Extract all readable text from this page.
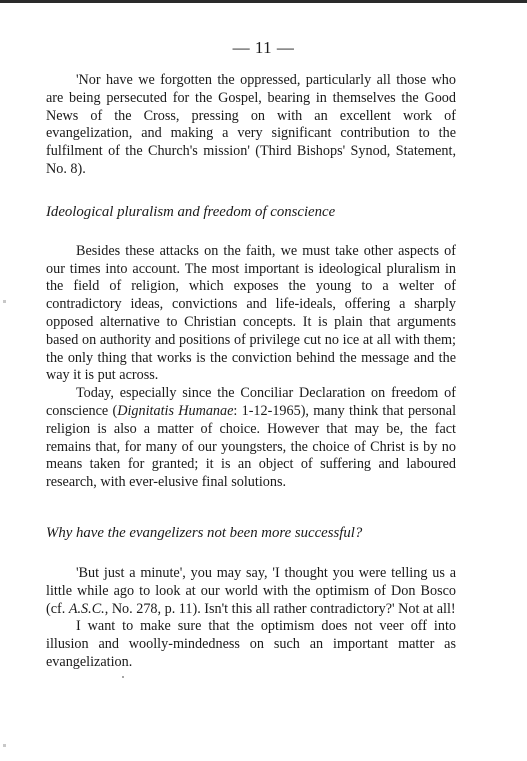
— 11 —

'Nor have we forgotten the oppressed, particularly all those who are being persecuted for the Gospel, bearing in themselves the Good News of the Cross, pressing on with an excellent work of evangelization, and making a very significant contribution to the fulfilment of the Church's mission' (Third Bishops' Synod, Statement, No. 8).

Ideological pluralism and freedom of conscience

Besides these attacks on the faith, we must take other aspects of our times into account. The most important is ideological pluralism in the field of religion, which exposes the young to a welter of contradictory ideas, convictions and life-ideals, offering a sharply opposed alternative to Christian concepts. It is plain that arguments based on authority and positions of privilege cut no ice at all with them; the only thing that works is the conviction behind the message and the way it is put across.

Today, especially since the Conciliar Declaration on freedom of conscience (Dignitatis Humanae: 1-12-1965), many think that personal religion is also a matter of choice. However that may be, the fact remains that, for many of our youngsters, the choice of Christ is by no means taken for granted; it is an object of suffering and laboured research, with ever-elusive final solutions.

Why have the evangelizers not been more successful?

'But just a minute', you may say, 'I thought you were telling us a little while ago to look at our world with the optimism of Don Bosco (cf. A.S.C., No. 278, p. 11). Isn't this all rather contradictory?' Not at all!

I want to make sure that the optimism does not veer off into illusion and woolly-mindedness on such an important matter as evangelization.
